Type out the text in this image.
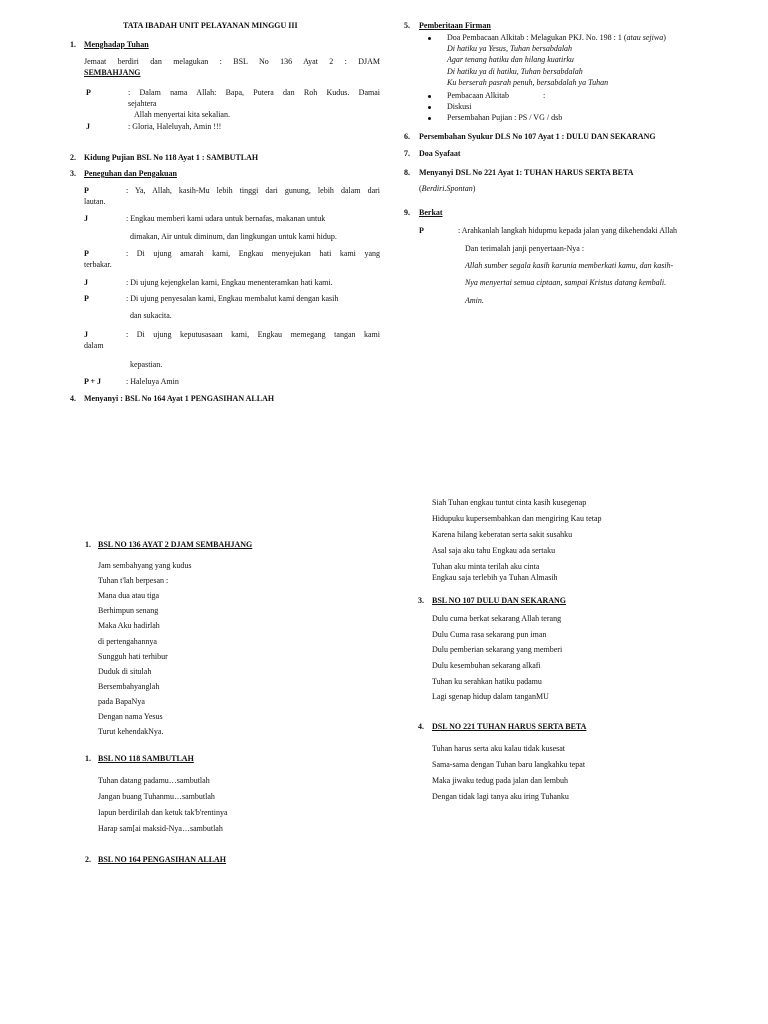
TATA IBADAH UNIT PELAYANAN MINGGU III
1. Menghadap Tuhan
Jemaat berdiri dan melagukan : BSL No 136 Ayat 2 : DJAM
SEMBAHJANG
P	: Dalam nama Allah: Bapa, Putera dan Roh Kudus. Damai
sejahtera
Allah menyertai kita sekalian.
J	: Gloria, Haleluyah, Amin !!!
2. Kidung Pujian BSL No 118 Ayat 1 : SAMBUTLAH
3. Peneguhan dan Pengakuan
P	: Ya, Allah, kasih-Mu lebih tinggi dari gunung, lebih dalam dari
lautan.
J	: Engkau memberi kami udara untuk bernafas, makanan untuk
dimakan, Air untuk diminum, dan lingkungan untuk kami hidup.
P	: Di ujung amarah kami, Engkau menyejukan hati kami yang
terbakar.
J	: Di ujung kejengkelan kami, Engkau menenteramkan hati kami.
P	: Di ujung penyesalan kami, Engkau membalut kami dengan kasih
dan sukacita.
J	: Di ujung keputusasaan kami, Engkau memegang tangan kami
dalam
kepastian.
P + J	: Haleluya Amin
4. Menyanyi : BSL No 164 Ayat 1 PENGASIHAN ALLAH
5. Pemberitaan Firman
Doa Pembacaan Alkitab : Melagukan PKJ. No. 198 : 1 (atau sejiwa)
Di hatiku ya Yesus, Tuhan bersabdalah
Agar tenang hatiku dan hilang kuatirku
Di hatiku ya di hatiku, Tuhan bersabdalah
Ku berserah pasrah penuh, bersabdalah ya Tuhan
Pembacaan Alkitab	:
Diskusi
Persembahan Pujian : PS / VG / dsb
6. Persembahan Syukur DLS No 107 Ayat 1 : DULU DAN SEKARANG
7. Doa Syafaat
8. Menyanyi DSL No 221 Ayat 1: TUHAN HARUS SERTA BETA
(Berdiri.Spontan)
9. Berkat
P	: Arahkanlah langkah hidupmu kepada jalan yang dikehendaki Allah
Dan terimalah janji penyertaan-Nya :
Allah sumber segala kasih karunia memberkati kamu, dan kasih-
Nya menyertai semua ciptaan, sampai Kristus datang kembali.
Amin.
1. BSL NO 136 AYAT 2 DJAM SEMBAHJANG
Jam sembahyang yang kudus
Tuhan t'lah berpesan :
Mana dua atau tiga
Berhimpun senang
Maka Aku hadirlah
di pertengahannya
Sungguh hati terhibur
Duduk di situlah
Bersembahyanglah
pada BapaNya
Dengan nama Yesus
Turut kehendakNya.
1. BSL NO 118 SAMBUTLAH
Tuhan datang padamu…sambutlah
Jangan buang Tuhanmu…sambutlah
Iapun berdirilah dan ketuk tak'b'rentinya
Harap sam[ai maksid-Nya…sambutlah
2. BSL NO 164 PENGASIHAN ALLAH
Siah Tuhan engkau tuntut cinta kasih kusegenap
Hidupuku kupersembahkan dan mengiring Kau tetap
Karena hilang keberatan serta sakit susahku
Asal saja aku tahu Engkau ada sertaku
Tuhan aku minta terilah aku cinta
Engkau saja terlebih ya Tuhan Almasih
3. BSL NO 107 DULU DAN SEKARANG
Dulu cuma berkat sekarang Allah terang
Dulu Cuma rasa sekarang pun iman
Dulu pemberian sekarang yang memberi
Dulu kesembuhan sekarang alkafi
Tuhan ku serahkan hatiku padamu
Lagi sgenap hidup dalam tanganMU
4. DSL NO 221 TUHAN HARUS SERTA BETA
Tuhan harus serta aku kalau tidak kusesat
Sama-sama dengan Tuhan baru langkahku tepat
Maka jiwaku tedug pada jalan dan lembuh
Dengan tidak lagi tanya aku iring Tuhanku
